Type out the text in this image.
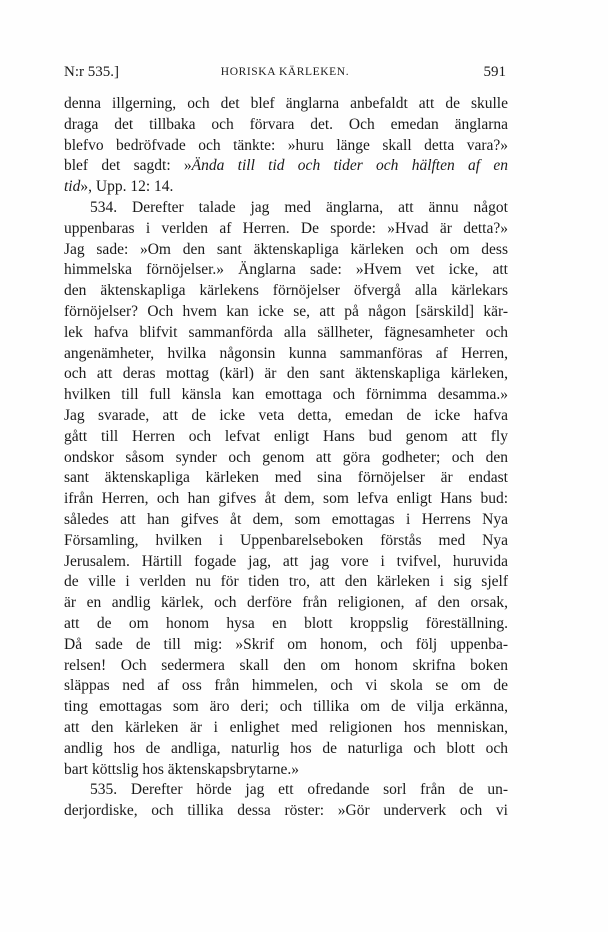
N:r 535.]	HORISKA KÄRLEKEN.	591
denna illgerning, och det blef änglarna anbefaldt att de skulle
draga det tillbaka och förvara det. Och emedan änglarna
blefvo bedröfvade och tänkte: »huru länge skall detta vara?»
blef det sagdt: »Ända till tid och tider och hälften af en
tid», Upp. 12: 14.
534. Derefter talade jag med änglarna, att ännu något
uppenbaras i verlden af Herren. De sporde: »Hvad är detta?»
Jag sade: »Om den sant äktenskapliga kärleken och om dess
himmelska förnöjelser.» Änglarna sade: »Hvem vet icke, att
den äktenskapliga kärlekens förnöjelser öfvergå alla kärlekars
förnöjelser? Och hvem kan icke se, att på någon [särskild] kär-
lek hafva blifvit sammanförda alla sällheter, fägnesamheter och
angenämheter, hvilka någonsin kunna sammanföras af Herren,
och att deras mottag (kärl) är den sant äktenskapliga kärleken,
hvilken till full känsla kan emottaga och förnimma desamma.»
Jag svarade, att de icke veta detta, emedan de icke hafva
gått till Herren och lefvat enligt Hans bud genom att fly
ondskor såsom synder och genom att göra godheter; och den
sant äktenskapliga kärleken med sina förnöjelser är endast
ifrån Herren, och han gifves åt dem, som lefva enligt Hans bud:
således att han gifves åt dem, som emottagas i Herrens Nya
Församling, hvilken i Uppenbarelseboken förstås med Nya
Jerusalem. Härtill fogade jag, att jag vore i tvifvel, huruvida
de ville i verlden nu för tiden tro, att den kärleken i sig sjelf
är en andlig kärlek, och derföre från religionen, af den orsak,
att de om honom hysa en blott kroppslig föreställning.
Då sade de till mig: »Skrif om honom, och följ uppenba-
relsen! Och sedermera skall den om honom skrifna boken
släppas ned af oss från himmelen, och vi skola se om de
ting emottagas som äro deri; och tillika om de vilja erkänna,
att den kärleken är i enlighet med religionen hos menniskan,
andlig hos de andliga, naturlig hos de naturliga och blott och
bart köttslig hos äktenskapsbrytarne.»
535. Derefter hörde jag ett ofredande sorl från de un-
derjordiske, och tillika dessa röster: »Gör underverk och vi
